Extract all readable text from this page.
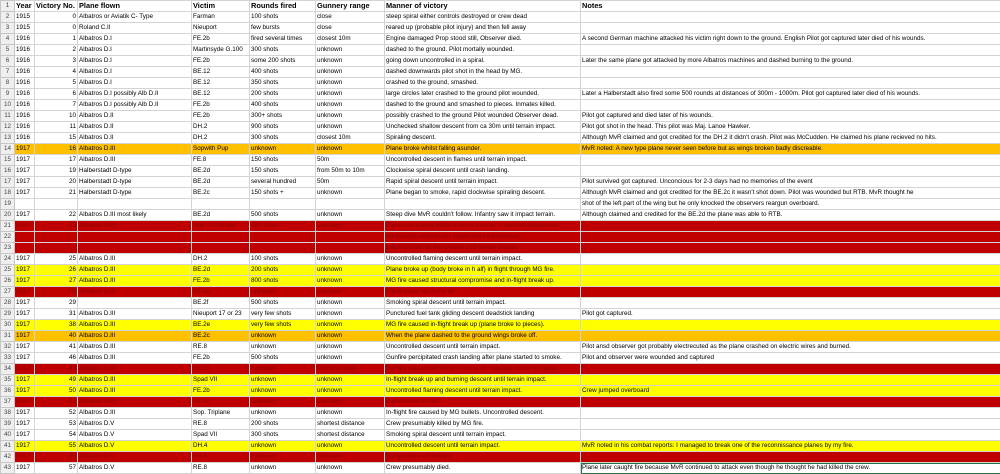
1	Year	Victory No.	Plane flown	Victim	Rounds fired	Gunnery range	Manner of victory	Notes
2	1915	0	Albatros or Aviatik C- Type	Farman	100 shots	close	steep spiral either controls destroyed or crew dead	
3	1915	0	Roland C.II	Nieuport	few bursts	close	reared up (probable pilot injury) and then fell away	
4	1916	1	Albatros D.I	FE.2b	fired several times	closest 10m	Engine damaged Prop stood still, Observer died.	A second German machine attacked his victim right down to the ground. English Pilot got captured later died of his wounds.
5	1916	2	Albatros D.I	Martinsyde G.100	300 shots	unknown	dashed to the ground. Pilot mortally wounded.	
6	1916	3	Albatros D.I	FE.2b	some 200 shots	unknown	going down uncontrolled in a spiral.	Later the same plane got attacked by more Albatros machines and dashed burning to the ground.
7	1916	4	Albatros D.I	BE.12	400 shots	unknown	dashed downwards pilot shot in the head by MG.	
8	1916	5	Albatros D.I	BE.12	350 shots	unknown	crashed to the ground, smashed.	
9	1916	6	Albatros D.I possibly Alb D.II	BE.12	200 shots	unknown	large circles later crashed to the ground pilot wounded.	Later a Halberstadt also fired some 500 rounds at distances of 300m - 1000m. Pilot got captured later died of his wounds.
10	1916	7	Albatros D.I possibly Alb D.II	FE.2b	400 shots	unknown	dashed to the ground and smashed to pieces. Inmates killed.	
11	1916	10	Albatros D.II	FE.2b	300+ shots	unknown	possibly crashed to the ground Pilot wounded Observer dead.	Pilot got captured and died later of his wounds.
12	1916	11	Albatros D.II	DH.2	900 shots	unknown	Unchecked shallow descent from ca 30m until terrain impact.	Pilot got shot in the head. This pilot was Maj. Lanoe Hawker.
13	1916	15	Albatros D.II	DH.2	300 shots	closest 10m	Spiraling descent.	Although MvR claimed and got credited for the DH.2 it didn't crash. Pilot was McCudden. He claimed his plane recieved no hits.
14	1917	16	Albatros D.III	Sopwith Pup	unknown	unknown	Plane broke whilst falling asunder.	MvR noted: A new type plane never seen before but as wings broken badly discreable.
15	1917	17	Albatros D.III	FE.8	150 shots	50m	Uncontrolled descent in flames until terrain impact.	
16	1917	19	Halberstadt D-type	BE.2d	150 shots	from 50m to 10m	Clockwise spiral descent until crash landing.	
17	1917	20	Halberstadt D-type	BE.2d	several hundred	50m	Rapid spiral descent until terrain impact.	Pilot survived got captured. Unconcious for 2-3 days had no memories of the event
18	1917	21	Halberstadt D-type	BE.2c	150 shots +	unknown	Plane began to smoke, rapid clockwise spiraling descent.	Although MvR claimed and got credited for the BE.2c it wasn't shot down. Pilot was wounded but RTB. MvR thought he
19								shot of the left part of the wing but he only knocked the observers reargun overboard.
20	1917	22	Albatros D.III most likely	BE.2d	500 shots	unknown	Steep dive MvR couldn't follow. Infantry saw it impact terrain.	Although claimed and credited for the BE.2d the plane was able to RTB.
21	1917	23	Albatros D.III	Sop 1/2 Strutter	400 shots	unknown	Plane lost a wing whilst making a curve, it dashed downwards	
22							downwards until terrain impact then it burned up.	
23							plane burned on the ground until terrain impact.	
24	1917	25	Albatros D.III	DH.2	100 shots	unknown	Uncontrolled flaming descent until terrain impact.	
25	1917	26	Albatros D.III	BE.2d	200 shots	unknown	Plane broke up (body broke in h alf) in flight through MG fire.	
26	1917	27	Albatros D.III	FE.2b	800 shots	unknown	MG fire caused structural compromise and in-flight break up.	
27	1917	28	Albatros D.III	BE.2e	unknown	unknown	Plane broke up in the air.	
28	1917	29		BE.2f	500 shots	unknown	Smoking spiral descent until terrain impact.	
29	1917	31	Albatros D.III	Nieuport 17 or 23	very few shots	unknown	Punctured fuel tank gliding descent deadstick landing	Pilot got captured.
30	1917	38	Albatros D.III	BE.2e	very few shots	unknown	MG fire caused in-flight break up (plane broke to pieces).	
31	1917	40	Albatros D.III	BE.2c	unknown	unknown	When the plane dashed to the ground wings broke off.	
32	1917	41	Albatros D.III	RE.8	unknown	unknown	Uncontrolled descent until terrain impact.	Pilot ansd observer got probably electrecuted as the plane crashed on electric wires and burned.
33	1917	46	Albatros D.III	FE.2b	500 shots	unknown	Gunfire percipitated crash landing after plane started to smoke.	Pilot and observer were wounded and captured
34	1917	48	Albatros D.III	FE.2d	unknown	shortest range	Gunfire caused left wing to come off. Machine broke to pieces.	
35	1917	49	Albatros D.III	Spad VII	unknown	unknown	In-flight break up and burning descent until terrain impact.	
36	1917	50	Albatros D.III	FE.2b	unknown	unknown	Uncontrolled flaming descent until terrain impact.	Crew jumped overboard
37	1917	51	Albatros D.III	FE.2b	unknown	unknown	Plane broke in half.	
38	1917	52	Albatros D.III	Sop. Triplane	unknown	unknown	In-flight fire caused by MG bullets. Uncontrolled descent.	
39	1917	53	Albatros D.V	RE.8	200 shots	shortest distance	Crew presumably killed by MG fire.	
40	1917	54	Albatros D.V	Spad VII	300 shots	shortest distance	Smoking spiral descent until terrain impact.	
41	1917	55	Albatros D.V	DH.4	unknown	unknown	Uncontrolled descent until terrain impact.	MvR noted in his combat reports: I managed to break one of the reconnissance planes by my fire.
42	1917	56	Albatros D.V	RE.8	unknown	unknown	Wings broke off in flight.	
43	1917	57	Albatros D.V	RE.8	unknown	unknown	Crew presumably died.	Plane later caught fire because MvR continued to attack even though he thought he had killed the crew.
